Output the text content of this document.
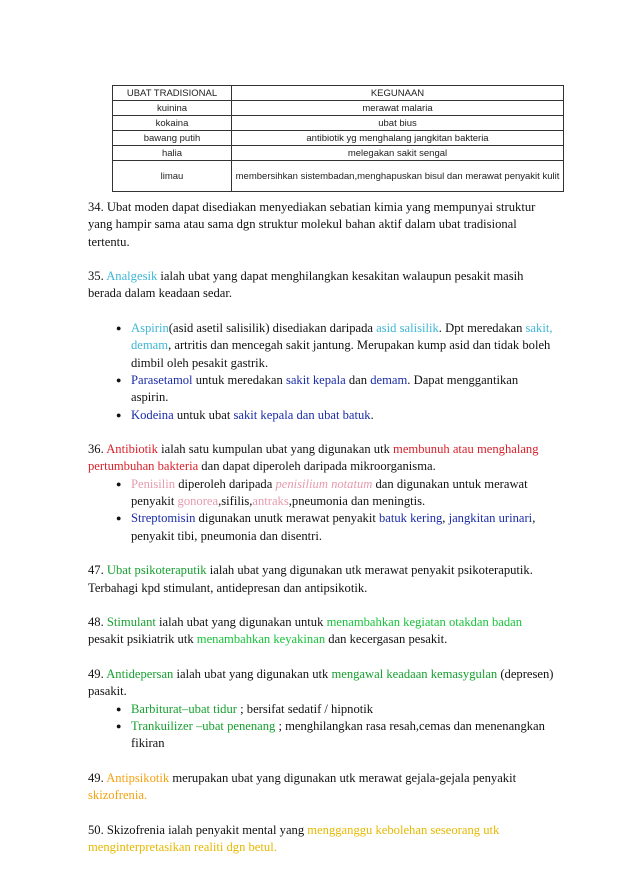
UBAT TRADISIONAL	KEGUNAAN
kuinina	merawat malaria
kokaina	ubat bius
bawang putih	antibiotik yg menghalang jangkitan bakteria
halia	melegakan sakit sengal
limau	membersihkan sistembadan,menghapuskan bisul dan merawat penyakit kulit

34. Ubat moden dapat disediakan menyediakan sebatian kimia yang mempunyai struktur yang hampir sama atau sama dgn struktur molekul bahan aktif dalam ubat tradisional tertentu.

35. Analgesik ialah ubat yang dapat menghilangkan kesakitan walaupun pesakit masih berada dalam keadaan sedar.

● Aspirin(asid asetil salisilik) disediakan daripada asid salisilik. Dpt meredakan sakit, demam, artritis dan mencegah sakit jantung. Merupakan kump asid dan tidak boleh dimbil oleh pesakit gastrik.
● Parasetamol untuk meredakan sakit kepala dan demam. Dapat menggantikan aspirin.
● Kodeina untuk ubat sakit kepala dan ubat batuk.

36. Antibiotik ialah satu kumpulan ubat yang digunakan utk membunuh atau menghalang pertumbuhan bakteria dan dapat diperoleh daripada mikroorganisma.

● Penisilin diperoleh daripada penisilium notatum dan digunakan untuk merawat penyakit gonorea,sifilis,antraks,pneumonia dan meningtis.
● Streptomisin digunakan unutk merawat penyakit batuk kering, jangkitan urinari, penyakit tibi, pneumonia dan disentri.

47. Ubat psikoteraputik ialah ubat yang digunakan utk merawat penyakit psikoteraputik. Terbahagi kpd stimulant, antidepresan dan antipsikotik.

48. Stimulant ialah ubat yang digunakan untuk menambahkan kegiatan otakdan badan pesakit psikiatrik utk menambahkan keyakinan dan kecergasan pesakit.

49. Antidepersan ialah ubat yang digunakan utk mengawal keadaan kemasygulan (depresen) pasakit.

● Barbiturat–ubat tidur ; bersifat sedatif / hipnotik
● Trankuilizer –ubat penenang ; menghilangkan rasa resah,cemas dan menenangkan fikiran

49. Antipsikotik merupakan ubat yang digunakan utk merawat gejala-gejala penyakit skizofrenia.

50. Skizofrenia ialah penyakit mental yang mengganggu kebolehan seseorang utk menginterpretasikan realiti dgn betul.
